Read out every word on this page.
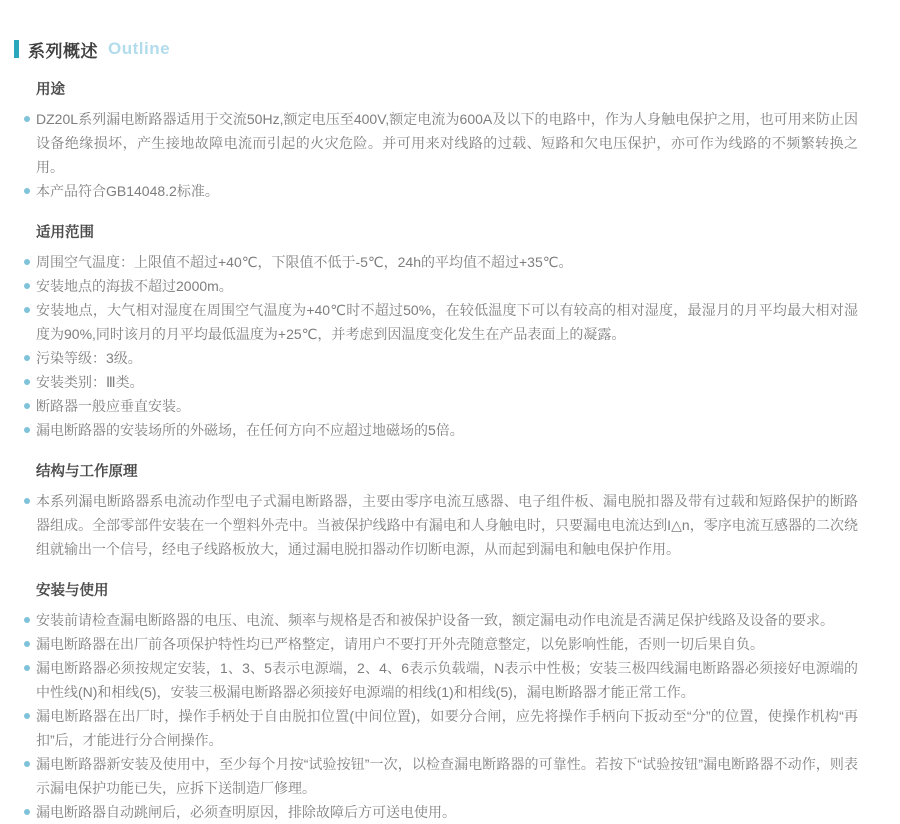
系列概述 Outline
用途
DZ20L系列漏电断路器适用于交流50Hz,额定电压至400V,额定电流为600A及以下的电路中，作为人身触电保护之用，也可用来防止因设备绝缘损坏，产生接地故障电流而引起的火灾危险。并可用来对线路的过载、短路和欠电压保护，亦可作为线路的不频繁转换之用。
本产品符合GB14048.2标准。
适用范围
周围空气温度：上限值不超过+40℃，下限值不低于-5℃，24h的平均值不超过+35℃。
安装地点的海拔不超过2000m。
安装地点，大气相对湿度在周围空气温度为+40℃时不超过50%，在较低温度下可以有较高的相对湿度，最湿月的月平均最大相对湿度为90%,同时该月的月平均最低温度为+25℃，并考虑到因温度变化发生在产品表面上的凝露。
污染等级：3级。
安装类别：Ⅲ类。
断路器一般应垂直安装。
漏电断路器的安装场所的外磁场，在任何方向不应超过地磁场的5倍。
结构与工作原理
本系列漏电断路器系电流动作型电子式漏电断路器，主要由零序电流互感器、电子组件板、漏电脱扣器及带有过载和短路保护的断路器组成。全部零部件安装在一个塑料外壳中。当被保护线路中有漏电和人身触电时，只要漏电电流达到I△n，零序电流互感器的二次绕组就输出一个信号，经电子线路板放大，通过漏电脱扣器动作切断电源，从而起到漏电和触电保护作用。
安装与使用
安装前请检查漏电断路器的电压、电流、频率与规格是否和被保护设备一致，额定漏电动作电流是否满足保护线路及设备的要求。
漏电断路器在出厂前各项保护特性均已严格整定，请用户不要打开外壳随意整定，以免影响性能，否则一切后果自负。
漏电断路器必须按规定安装，1、3、5表示电源端，2、4、6表示负载端，N表示中性极；安装三极四线漏电断路器必须接好电源端的中性线(N)和相线(5)，安装三极漏电断路器必须接好电源端的相线(1)和相线(5)，漏电断路器才能正常工作。
漏电断路器在出厂时，操作手柄处于自由脱扣位置(中间位置)，如要分合闸，应先将操作手柄向下扳动至“分”的位置，使操作机构“再扣”后，才能进行分合闸操作。
漏电断路器新安装及使用中，至少每个月按“试验按钮”一次，以检查漏电断路器的可靠性。若按下“试验按钮”漏电断路器不动作，则表示漏电保护功能已失，应拆下送制造厂修理。
漏电断路器自动跳闸后，必须查明原因，排除故障后方可送电使用。
